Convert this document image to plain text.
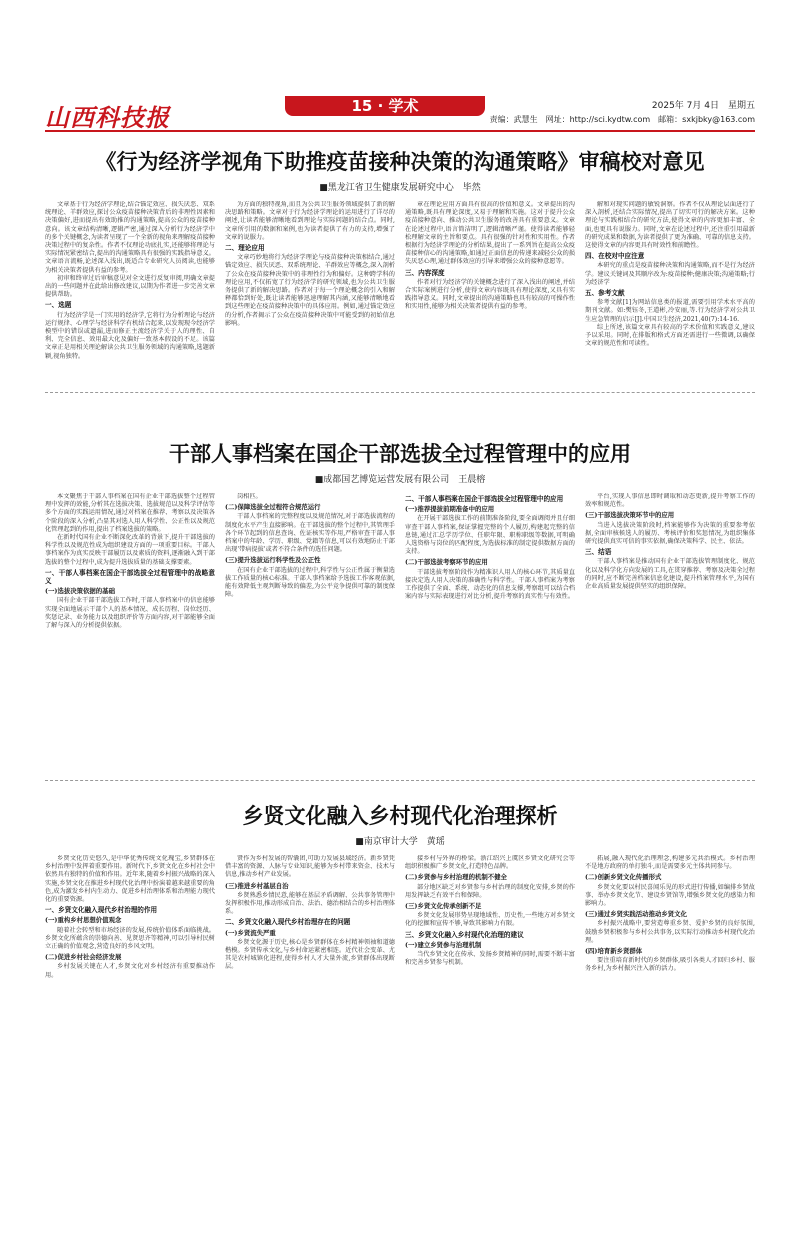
山西科技报	15 · 学术	2025年 7月 4日　星期五
责编：武慧生　网址：http://sci.kydtw.com　邮箱：sxkjbky@163.com
《行为经济学视角下助推疫苗接种决策的沟通策略》审稿校对意见
■黑龙江省卫生健康发展研究中心　毕然

文章基于行为经济学理论,结合锚定效应、损失厌恶、双系统理论、羊群效应,探讨公众疫苗接种决策背后的非理性因素和决策偏好,进而提出有效助推的沟通策略,提高公众的疫苗接种意向。该文章结构清晰,逻辑严密,通过深入分析行为经济学中的多个关键概念,为读者呈现了一个全新的视角来理解疫苗接种决策过程中的复杂性。作者不仅理论功底扎实,还能够将理论与实际情况紧密结合,提出的沟通策略具有很强的实践指导意义。文章语言流畅,论述深入浅出,既适合专业研究人员阅读,也能够为相关决策者提供有益的参考。

初审和终审过后审稿意见对全文进行反复审阅,明确文章提出的一些问题并在此给出修改建议,以期为作者进一步完善文章提供帮助。

一、选题

行为经济学是一门实用的经济学,它将行为分析理论与经济运行规律、心理学与经济科学有机结合起来,以发现现今经济学模型中的错误或遗漏,进而修正主流经济学关于人的理性、自利、完全信息、效用最大化及偏好一致基本假设的不足。该篇文章正是用相关理论解读公共卫生服务领域的沟通策略,选题新颖,视角独特。

为方面的独特视角,而且为公共卫生服务领域提供了新的解决思路和策略。文章对于行为经济学理论的运用进行了详尽的阐述,让读者能够清晰地看到理论与实际问题的结合点。同时,文章所引用的数据和案例,也为读者提供了有力的支持,增强了文章的说服力。

二、理论应用

文章巧妙地将行为经济学理论与疫苗接种决策相结合,通过锚定效应、损失厌恶、双系统理论、羊群效应等概念,深入剖析了公众在疫苗接种决策中的非理性行为和偏好。这种跨学科的理论应用,不仅拓宽了行为经济学的研究领域,也为公共卫生服务提供了新的解决思路。作者对于每一个理论概念的引入和解释都恰到好处,既让读者能够迅速理解其内涵,又能够清晰地看到这些理论在疫苗接种决策中的具体应用。例如,通过锚定效应的分析,作者揭示了公众在疫苗接种决策中可能受到的初始信息影响。

章在理论应用方面具有很高的价值和意义。文章提出的沟通策略,既具有理论深度,又易于理解和实施。这对于提升公众疫苗接种意向、推动公共卫生服务的改善具有重要意义。文章在论述过程中,语言简洁明了,逻辑清晰严谨。使得读者能够轻松理解文章的主旨和要点。具有很强的针对性和实用性。作者根据行为经济学理论的分析结果,提出了一系列旨在提高公众疫苗接种信心的沟通策略,如通过正面信息的传递来减轻公众的损失厌恶心理,通过群体效应的引导来增强公众的接种意愿等。

三、内容深度

作者对行为经济学的关键概念进行了深入浅出的阐述,并结合实际案例进行分析,使得文章内容既具有理论深度,又具有实践指导意义。同时,文章提出的沟通策略也具有较高的可操作性和实用性,能够为相关决策者提供有益的参考。

解和对现实问题的敏锐洞察。作者不仅从理论层面进行了深入剖析,还结合实际情况,提出了切实可行的解决方案。这种理论与实践相结合的研究方法,使得文章的内容更加丰富、全面,也更具有说服力。同时,文章在论述过程中,还注重引用最新的研究成果和数据,为读者提供了更为准确、可靠的信息支持。这使得文章的内容更具有时效性和前瞻性。

四、在校对中应注意

本研究的重点是疫苗接种决策和沟通策略,而不是行为经济学。建议关键词及其顺序改为:疫苗接种;健康决策;沟通策略;行为经济学

五、参考文献

参考文献[1]为网站信息类的报道,需要引用学术水平高的期刊文献。如:樊钰冬,王道彬,冷安丽,等.行为经济学对公共卫生应急管理的启示[J].中国卫生经济,2021,40(7):14-16.

综上所述,该篇文章具有较高的学术价值和实践意义,建议予以采用。同时,在排版和格式方面还需进行一些微调,以确保文章的规范性和可读性。

干部人事档案在国企干部选拔全过程管理中的应用
■成都国艺博览运营发展有限公司　王晨榕

本文聚焦于干部人事档案在国有企业干部选拔整个过程管理中发挥的效能,分析其在选拔决策、选拔规范以及科学评估等多个方面的实践运用情况,通过对档案在推荐、考察以及决策各个阶段的深入分析,凸显其对选人用人科学性、公正性以及规范化管理起到的作用,提出了档案选拔的策略。

在新时代国有企业不断深化改革的背景下,提升干部选拔的科学性以及规范性成为组织建设方面的一项重要目标。干部人事档案作为真实反映干部履历以及素质的资料,逐渐融入到干部选拔的整个过程中,成为提升选拔质量的基础支撑要素。

一、干部人事档案在国企干部选拔全过程管理中的战略意义
(一)选拔决策依据的基础

国有企业干部干部选拔工作时,干部人事档案中的信息能够实现全面地展示干部个人的基本情况、成长历程、岗位经历、奖惩记录、业务能力以及组织评价等方面内容,对干部能够全面了解与深入的分析提供依据。

岗相匹。

(二)保障选拔全过程符合规范运行

干部人事档案的完整程度以及规范情况,对于部选拔流程的制度化水平产生直接影响。在干部选拔的整个过程中,其管理手各个环节起到的信息查询、佐证核实等作用,严格审查干部人事档案中的年龄、学历、职级、党籍等信息,可以有效地防止干部出现'带病提拔'或者不符合条件的选任问题。

(三)提升选拔运行科学性及公正性

在国有企业干部选拔的过程中,科学性与公正性属于衡量选拔工作质量的核心标准。干部人事档案给予选拔工作客观依据,能有效降低主观判断导致的偏差,为公平竞争提供可靠的制度保障。

二、干部人事档案在国企干部选拔全过程管理中的应用
(一)推荐提拔前期准备中的应用

在开展干部选拔工作的前期准备阶段,要全面调阅并且仔细审查干部人事档案,保证掌握完整的个人履历,构建起完整的信息链,通过汇总学历学位、任职年限、职称职级等数据,可明确人选资格与岗位的匹配程度,为选拔标准的制定提供数据方面的支持。

(二)干部选拔考察环节的应用

干部选拔考察阶段作为精准识人用人的核心环节,其质量直接决定选人用人决策的准确性与科学性。干部人事档案为考察工作提供了全面、系统、动态化的信息支撑,考察组可以结合档案内容与实际表现进行对比分析,提升考察的真实性与有效性。

平台,实现人事信息即时调取和动态更新,提升考察工作的效率和规范性。

(三)干部选拔决策环节中的应用

当进入选拔决策阶段时,档案能够作为决策的重要参考依据,全面审核候选人的履历、考核评价和奖惩情况,为组织集体研究提供真实可信的事实依据,确保决策科学、民主、依法。

三、结语

干部人事档案是推动国有企业干部选拔管理制度化、规范化以及科学化方向发展的工具,在贯穿推荐、考察及决策全过程的同时,应不断完善档案信息化建设,提升档案管理水平,为国有企业高质量发展提供坚实的组织保障。

乡贤文化融入乡村现代化治理探析
■南京审计大学　黄瑶

乡贤文化历史悠久,是中华优秀传统文化瑰宝,乡贤群体在乡村治理中发挥着重要作用。新时代下,乡贤文化在乡村社会中依然具有独特的价值和作用。近年来,随着乡村振兴战略的深入实施,乡贤文化在推进乡村现代化治理中扮演着越来越重要的角色,成为激发乡村内生动力、促进乡村治理体系和治理能力现代化的重要资源。

一、乡贤文化融入现代乡村治理的作用
(一)重构乡村思想价值观念

随着社会转型和市场经济的发展,传统价值体系面临挑战。乡贤文化所蕴含的崇德向善、见贤思齐等精神,可以引导村民树立正确的价值观念,营造良好的乡风文明。

(二)促进乡村社会经济发展

乡村发展关键在人才,乡贤文化对乡村经济有重要推动作用。

贤作为乡村发展的智囊团,可助力发展县域经济。新乡贤凭借丰富的资源、人脉与专业知识,能够为乡村带来资金、技术与信息,推动乡村产业发展。

(三)推进乡村基层自治

乡贤熟悉乡情民意,能够在基层矛盾调解、公共事务管理中发挥积极作用,推动形成自治、法治、德治相结合的乡村治理体系。

二、乡贤文化融入现代乡村治理存在的问题
(一)乡贤流失严重

乡贤文化源于历史,核心是乡贤群体在乡村精神领袖和道德楷模。乡贤传承文化,与乡村命运紧密相连。近代社会变革、尤其是农村城镇化进程,使得乡村人才大量外流,乡贤群体出现断层。

接乡村与外界的桥梁。浙江绍兴上虞区乡贤文化研究会等组织积极推广乡贤文化,打造特色品牌。

(二)乡贤参与乡村治理的机制不健全

部分地区缺乏对乡贤参与乡村治理的制度化安排,乡贤的作用发挥缺乏有效平台和保障。

(三)乡贤文化传承创新不足

乡贤文化发展形势呈现地域性、历史性,一些地方对乡贤文化的挖掘和宣传不够,导致其影响力有限。

三、乡贤文化融入乡村现代化治理的建议
(一)建立乡贤参与治理机制

当代乡贤文化在传承、发扬乡贤精神的同时,需要不断丰富和完善乡贤参与机制。

拓展,融入现代化治理理念,构建多元共治模式。乡村治理不是地方政府的单打独斗,而是需要多元主体共同参与。

(二)创新乡贤文化传播形式

乡贤文化要以村民喜闻乐见的形式进行传播,如编排乡贤故事、举办乡贤文化节、建设乡贤馆等,增强乡贤文化的感染力和影响力。

(三)通过乡贤实践活动推动乡贤文化

乡村振兴战略中,要营造尊重乡贤、爱护乡贤的良好氛围,鼓励乡贤积极参与乡村公共事务,以实际行动推动乡村现代化治理。

(四)培育新乡贤群体

要注重培育新时代的乡贤群体,吸引各类人才回归乡村、服务乡村,为乡村振兴注入新的活力。
